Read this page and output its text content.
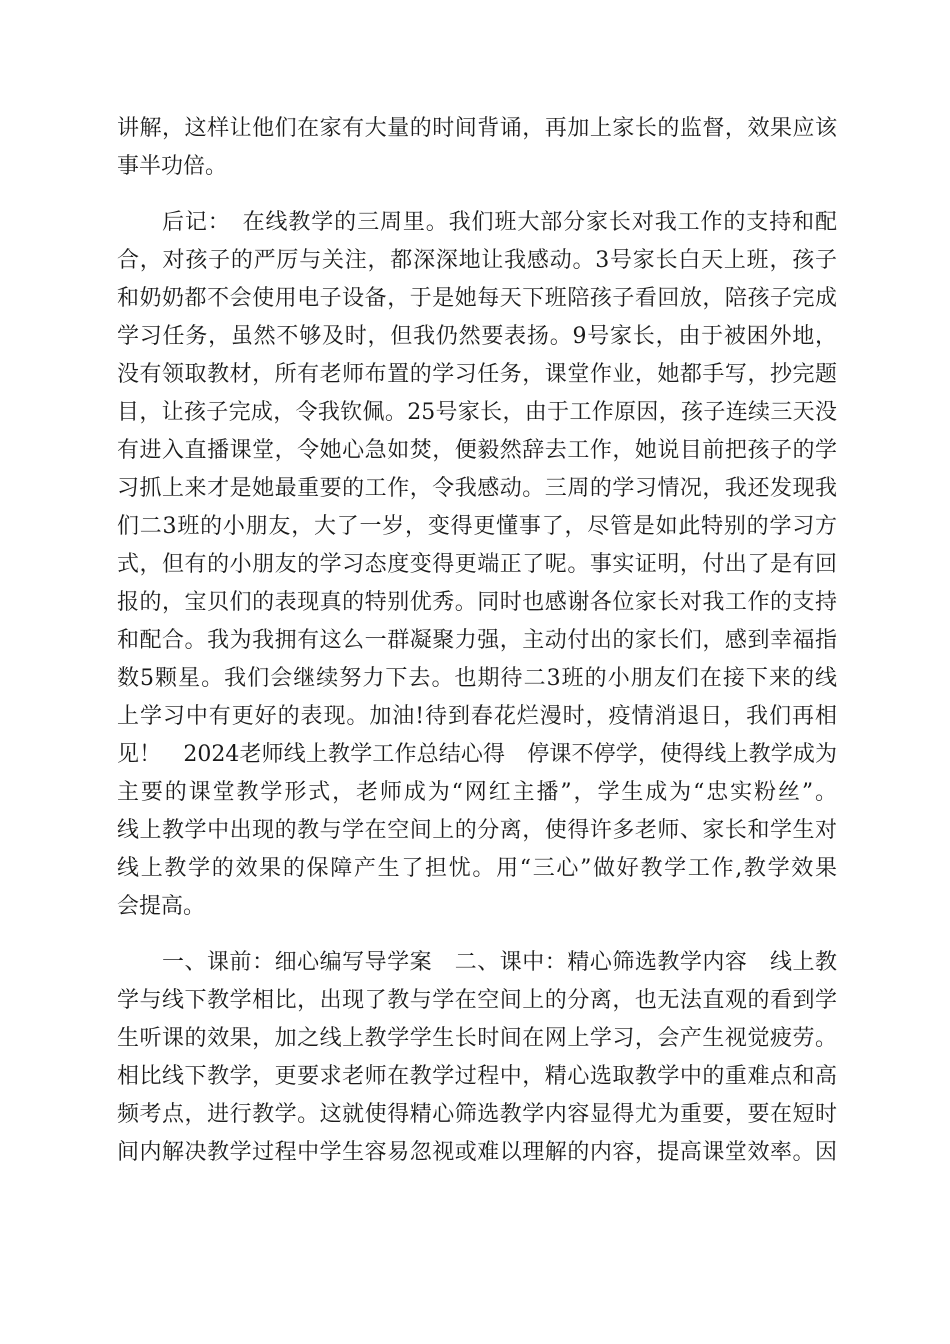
讲解，这样让他们在家有大量的时间背诵，再加上家长的监督，效果应该
事半功倍。
后记：　在线教学的三周里。我们班大部分家长对我工作的支持和配
合，对孩子的严厉与关注，都深深地让我感动。3号家长白天上班，孩子
和奶奶都不会使用电子设备，于是她每天下班陪孩子看回放，陪孩子完成
学习任务，虽然不够及时，但我仍然要表扬。9号家长，由于被困外地，
没有领取教材，所有老师布置的学习任务，课堂作业，她都手写，抄完题
目，让孩子完成，令我钦佩。25号家长，由于工作原因，孩子连续三天没
有进入直播课堂，令她心急如焚，便毅然辞去工作，她说目前把孩子的学
习抓上来才是她最重要的工作，令我感动。三周的学习情况，我还发现我
们二3班的小朋友，大了一岁，变得更懂事了，尽管是如此特别的学习方
式，但有的小朋友的学习态度变得更端正了呢。事实证明，付出了是有回
报的，宝贝们的表现真的特别优秀。同时也感谢各位家长对我工作的支持
和配合。我为我拥有这么一群凝聚力强，主动付出的家长们，感到幸福指
数5颗星。我们会继续努力下去。也期待二3班的小朋友们在接下来的线
上学习中有更好的表现。加油!待到春花烂漫时，疫情消退日，我们再相
见！　2024老师线上教学工作总结心得　停课不停学，使得线上教学成为
主要的课堂教学形式，老师成为“网红主播”，学生成为“忠实粉丝”。
线上教学中出现的教与学在空间上的分离，使得许多老师、家长和学生对
线上教学的效果的保障产生了担忧。用“三心”做好教学工作,教学效果
会提高。
一、课前：细心编写导学案　二、课中：精心筛选教学内容　线上教
学与线下教学相比，出现了教与学在空间上的分离，也无法直观的看到学
生听课的效果，加之线上教学学生长时间在网上学习，会产生视觉疲劳。
相比线下教学，更要求老师在教学过程中，精心选取教学中的重难点和高
频考点，进行教学。这就使得精心筛选教学内容显得尤为重要，要在短时
间内解决教学过程中学生容易忽视或难以理解的内容，提高课堂效率。因
